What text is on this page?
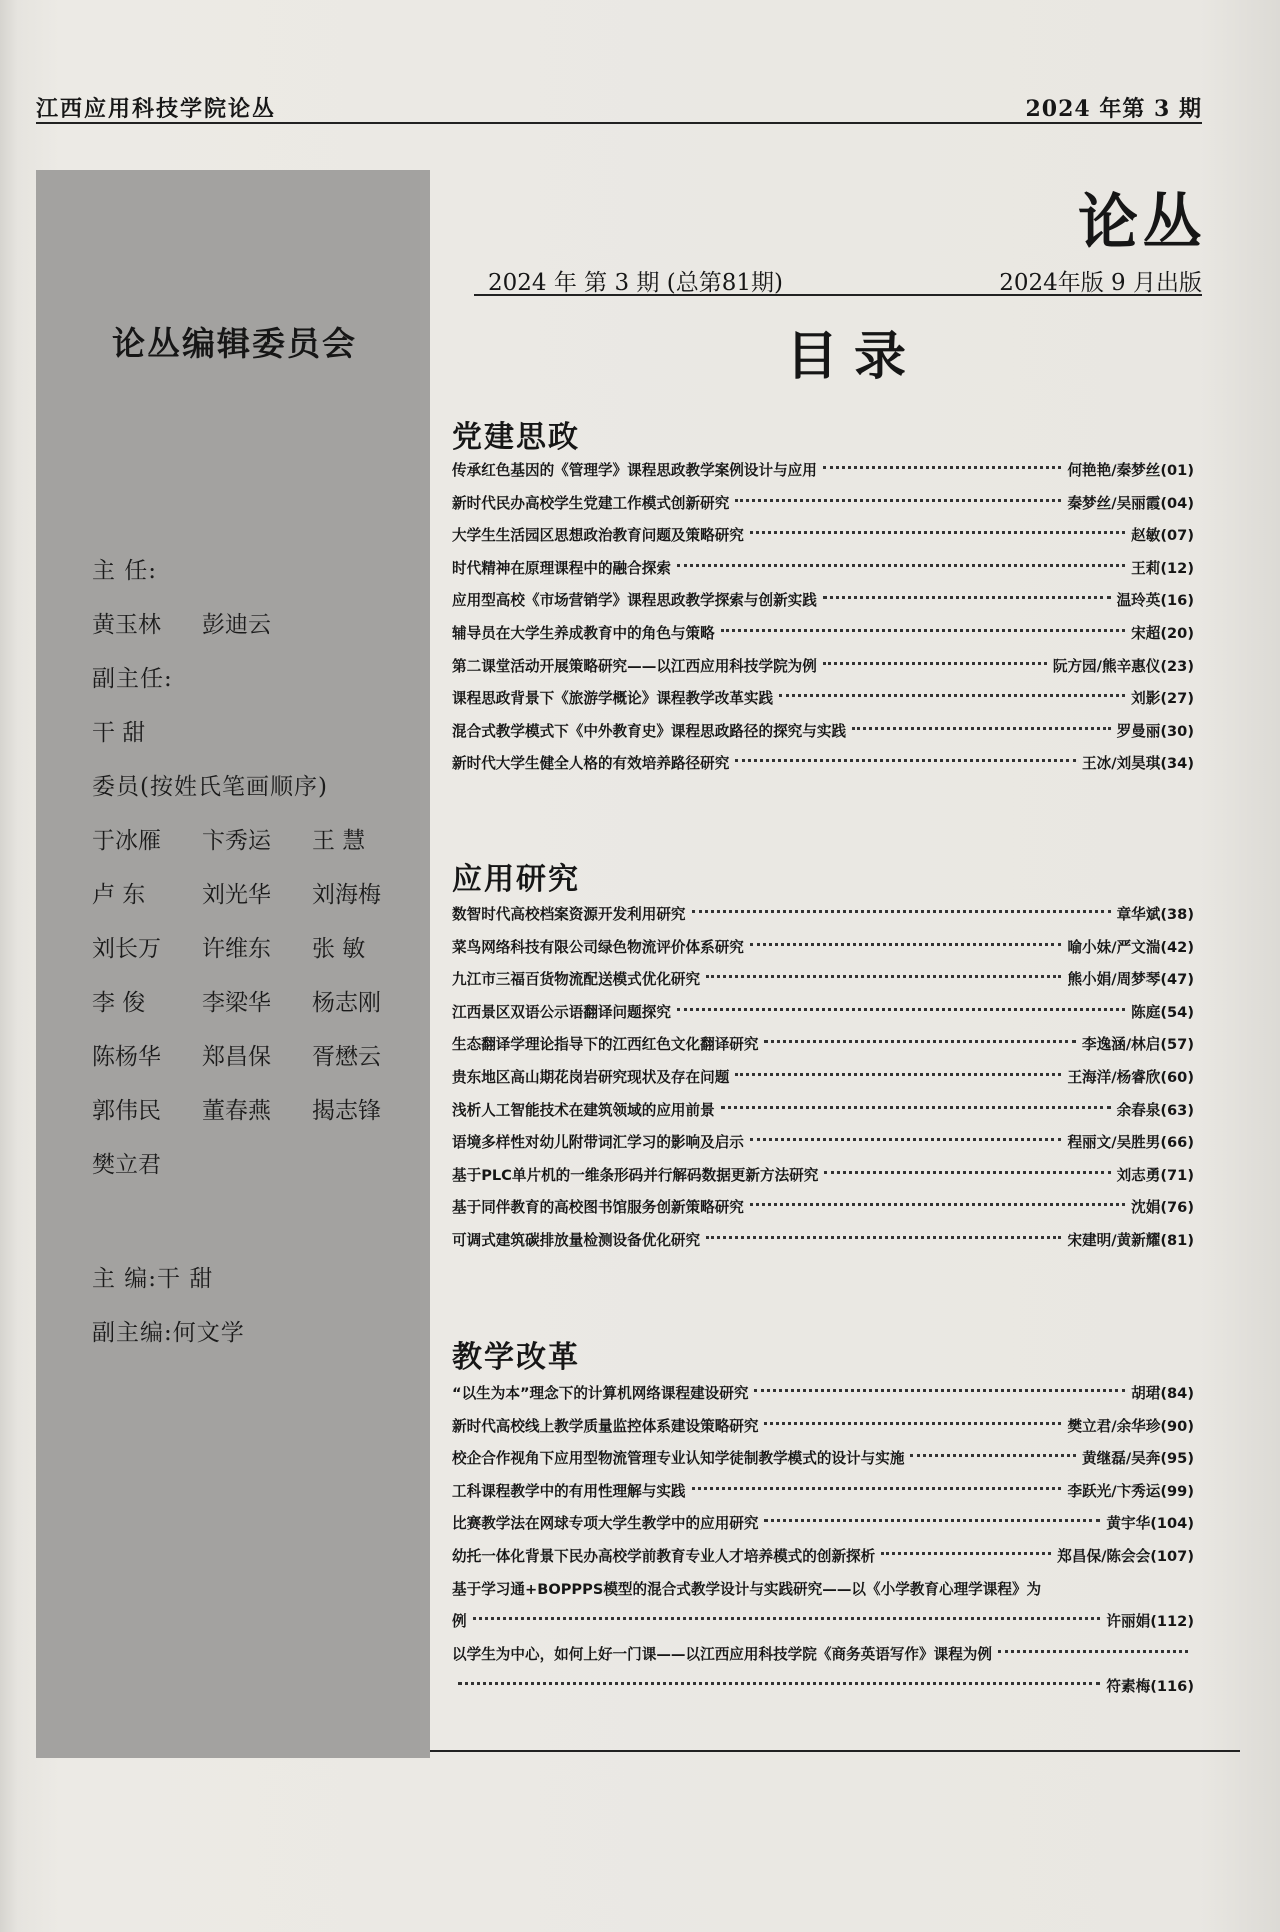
江西应用科技学院论丛	2024 年第 3 期
论丛编辑委员会
主 任:
黄玉林 彭迪云
副主任:
干 甜
委员(按姓氏笔画顺序)
于冰雁 卞秀运 王 慧
卢 东 刘光华 刘海梅
刘长万 许维东 张 敏
李 俊 李梁华 杨志刚
陈杨华 郑昌保 胥懋云
郭伟民 董春燕 揭志锋
樊立君
主 编:干 甜
副主编:何文学
论丛
2024 年 第 3 期 (总第81期)	2024年版 9 月出版
目录
党建思政
传承红色基因的《管理学》课程思政教学案例设计与应用	何艳艳/秦梦丝(01)
新时代民办高校学生党建工作模式创新研究	秦梦丝/吴丽霞(04)
大学生生活园区思想政治教育问题及策略研究	赵敏(07)
时代精神在原理课程中的融合探索	王莉(12)
应用型高校《市场营销学》课程思政教学探索与创新实践	温玲英(16)
辅导员在大学生养成教育中的角色与策略	宋超(20)
第二课堂活动开展策略研究——以江西应用科技学院为例	阮方园/熊辛惠仪(23)
课程思政背景下《旅游学概论》课程教学改革实践	刘影(27)
混合式教学模式下《中外教育史》课程思政路径的探究与实践	罗曼丽(30)
新时代大学生健全人格的有效培养路径研究	王冰/刘昊琪(34)
应用研究
数智时代高校档案资源开发利用研究	章华斌(38)
菜鸟网络科技有限公司绿色物流评价体系研究	喻小妹/严文湍(42)
九江市三福百货物流配送模式优化研究	熊小娟/周梦琴(47)
江西景区双语公示语翻译问题探究	陈庭(54)
生态翻译学理论指导下的江西红色文化翻译研究	李逸涵/林启(57)
贵东地区高山期花岗岩研究现状及存在问题	王海洋/杨睿欣(60)
浅析人工智能技术在建筑领域的应用前景	余春泉(63)
语境多样性对幼儿附带词汇学习的影响及启示	程丽文/吴胜男(66)
基于PLC单片机的一维条形码并行解码数据更新方法研究	刘志勇(71)
基于同伴教育的高校图书馆服务创新策略研究	沈娟(76)
可调式建筑碳排放量检测设备优化研究	宋建明/黄新耀(81)
教学改革
“以生为本”理念下的计算机网络课程建设研究	胡珺(84)
新时代高校线上教学质量监控体系建设策略研究	樊立君/余华珍(90)
校企合作视角下应用型物流管理专业认知学徒制教学模式的设计与实施	黄继磊/吴奔(95)
工科课程教学中的有用性理解与实践	李跃光/卞秀运(99)
比赛教学法在网球专项大学生教学中的应用研究	黄宇华(104)
幼托一体化背景下民办高校学前教育专业人才培养模式的创新探析	郑昌保/陈会会(107)
基于学习通+BOPPPS模型的混合式教学设计与实践研究——以《小学教育心理学课程》为
例	许丽娟(112)
以学生为中心，如何上好一门课——以江西应用科技学院《商务英语写作》课程为例
符素梅(116)
